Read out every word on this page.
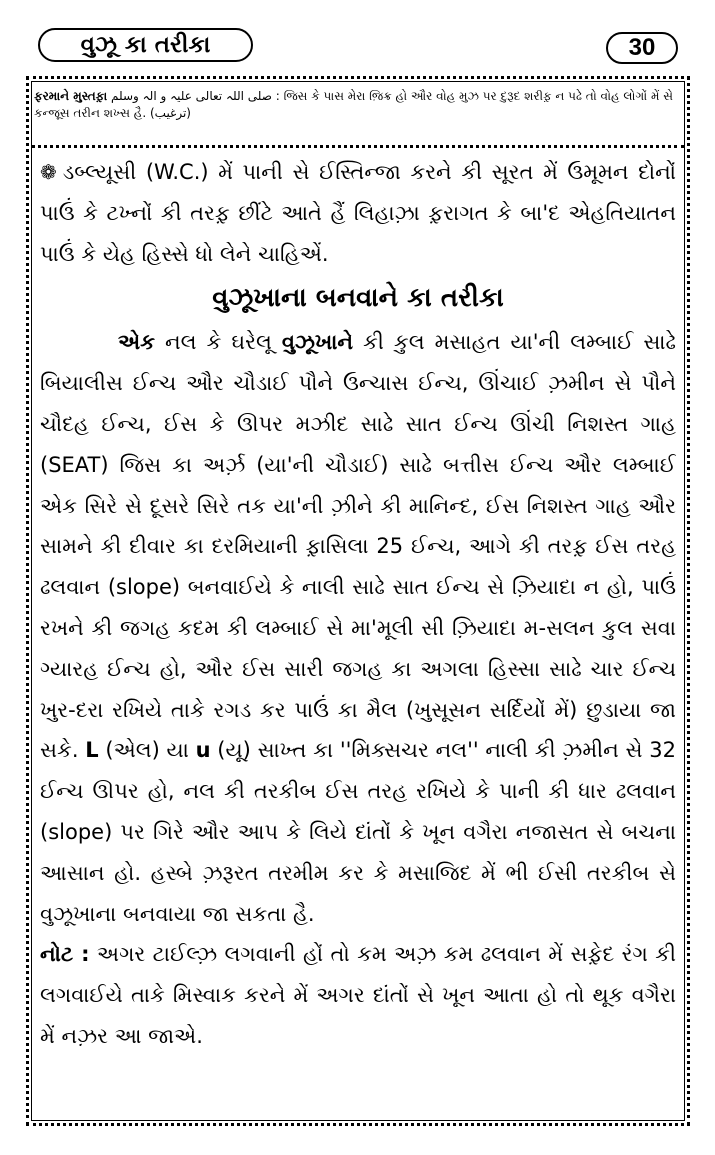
વુઝૂ કા તરીકા	30
ફરમાને મુસ્તફ઼ા صلی اللہ تعالی علیہ و الہ وسلم : જિસ કે પાસ મેરા જ઼િક્ર હો ઔર વોહ મુઝ પર દુરૂદ શરીફ઼ ન પઢે તો વોહ લોગોં મેં સે કન્જૂસ તરીન શખ્સ હૈ. (ترغیب)

❁ ડબ્લ્યૂસી (W.C.) મેં પાની સે ઈસ્તિન્જા કરને કી સૂરત મેં ઉમૂમન દોનોં પાઉં કે ટખ્નોં કી તરફ઼ છીંટે આતે હૈં લિહાઝ઼ા ફ઼રાગત કે બા'દ એહતિયાતન પાઉં કે યેહ હિસ્સે ધો લેને ચાહિએં.

વુઝૂખાના બનવાને કા તરીકા

એક નલ કે ઘરેલૂ વુઝૂખાને કી કુલ મસાહત યા'ની લમ્બાઈ સાઢે બિયાલીસ ઈન્ચ ઔર ચૌડાઈ પૌને ઉન્ચાસ ઈન્ચ, ઊંચાઈ ઝ઼મીન સે પૌને ચૌદહ ઈન્ચ, ઈસ કે ઊપર મઝીદ સાઢે સાત ઈન્ચ ઊંચી નિશસ્ત ગાહ (SEAT) જિસ કા અર્ઝ઼ (યા'ની ચૌડાઈ) સાઢે બત્તીસ ઈન્ચ ઔર લમ્બાઈ એક સિરે સે દૂસરે સિરે તક યા'ની ઝ઼ીને કી માનિન્દ, ઈસ નિશસ્ત ગાહ ઔર સામને કી દીવાર કા દરમિયાની ફ઼ાસિલા 25 ઈન્ચ, આગે કી તરફ઼ ઈસ તરહ ઢલવાન (slope) બનવાઈયે કે નાલી સાઢે સાત ઈન્ચ સે ઝ઼િયાદા ન હો, પાઉં રખને કી જગહ કદમ કી લમ્બાઈ સે મા'મૂલી સી ઝ઼િયાદા મ-સલન કુલ સવા ગ્યારહ ઈન્ચ હો, ઔર ઈસ સારી જગહ કા અગલા હિસ્સા સાઢે ચાર ઈન્ચ ખુર-દરા રખિયે તાકે રગડ કર પાઉં કા મૈલ (ખુસૂસન સર્દિયોં મેં) છુડાયા જા સકે. L (એલ) યા u (યૂ) સાખ્ત કા ''મિક્સચર નલ'' નાલી કી ઝ઼મીન સે 32 ઈન્ચ ઊપર હો, નલ કી તરકીબ ઈસ તરહ રખિયે કે પાની કી ધાર ઢલવાન (slope) પર ગિરે ઔર આપ કે લિયે દાંતોં કે ખૂન વગૈરા નજાસત સે બચના આસાન હો. હસ્બે ઝ઼રૂરત તરમીમ કર કે મસાજિદ મેં ભી ઈસી તરકીબ સે વુઝૂખાના બનવાયા જા સકતા હૈ.

નોટ : અગર ટાઈલ્ઝ઼ લગવાની હોં તો કમ અઝ઼ કમ ઢલવાન મેં સફ઼ેદ રંગ કી લગવાઈયે તાકે મિસ્વાક કરને મેં અગર દાંતોં સે ખૂન આતા હો તો થૂક વગૈરા મેં નઝ઼ર આ જાએ.
